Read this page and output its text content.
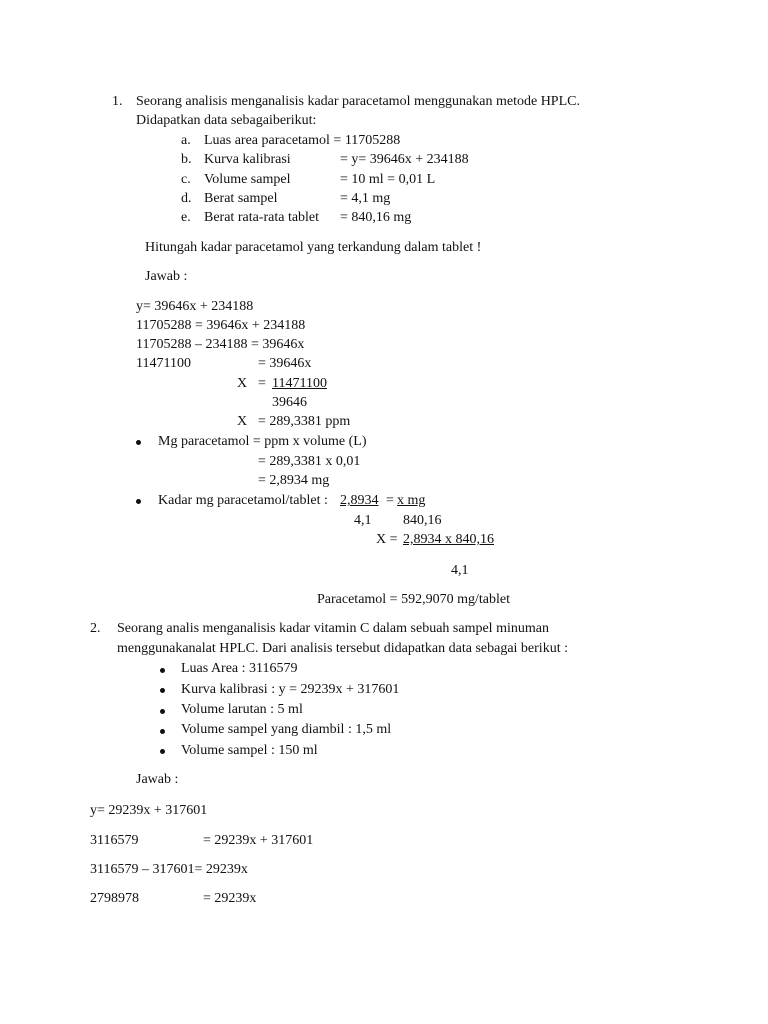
1. Seorang analisis menganalisis kadar paracetamol menggunakan metode HPLC.
Didapatkan data sebagaiberikut:
a. Luas area paracetamol = 11705288
b. Kurva kalibrasi	= y= 39646x + 234188
c. Volume sampel	= 10 ml = 0,01 L
d. Berat sampel	= 4,1 mg
e. Berat rata-rata tablet = 840,16 mg
Hitungah kadar paracetamol yang terkandung dalam tablet !
Jawab :
y= 39646x + 234188
11705288 = 39646x + 234188
11705288 – 234188 = 39646x
11471100	= 39646x
X = 11471100
39646
X = 289,3381 ppm
Mg paracetamol = ppm x volume (L)
= 289,3381 x 0,01
= 2,8934 mg
Kadar mg paracetamol/tablet : 2,8934 = x mg
4,1 840,16
X = 2,8934 x 840,16
4,1
Paracetamol = 592,9070 mg/tablet
2. Seorang analis menganalisis kadar vitamin C dalam sebuah sampel minuman
menggunakanalat HPLC. Dari analisis tersebut didapatkan data sebagai berikut :
Luas Area : 3116579
Kurva kalibrasi : y = 29239x + 317601
Volume larutan : 5 ml
Volume sampel yang diambil : 1,5 ml
Volume sampel : 150 ml
Jawab :
y= 29239x + 317601
3116579	= 29239x + 317601
3116579 – 317601= 29239x
2798978	= 29239x
